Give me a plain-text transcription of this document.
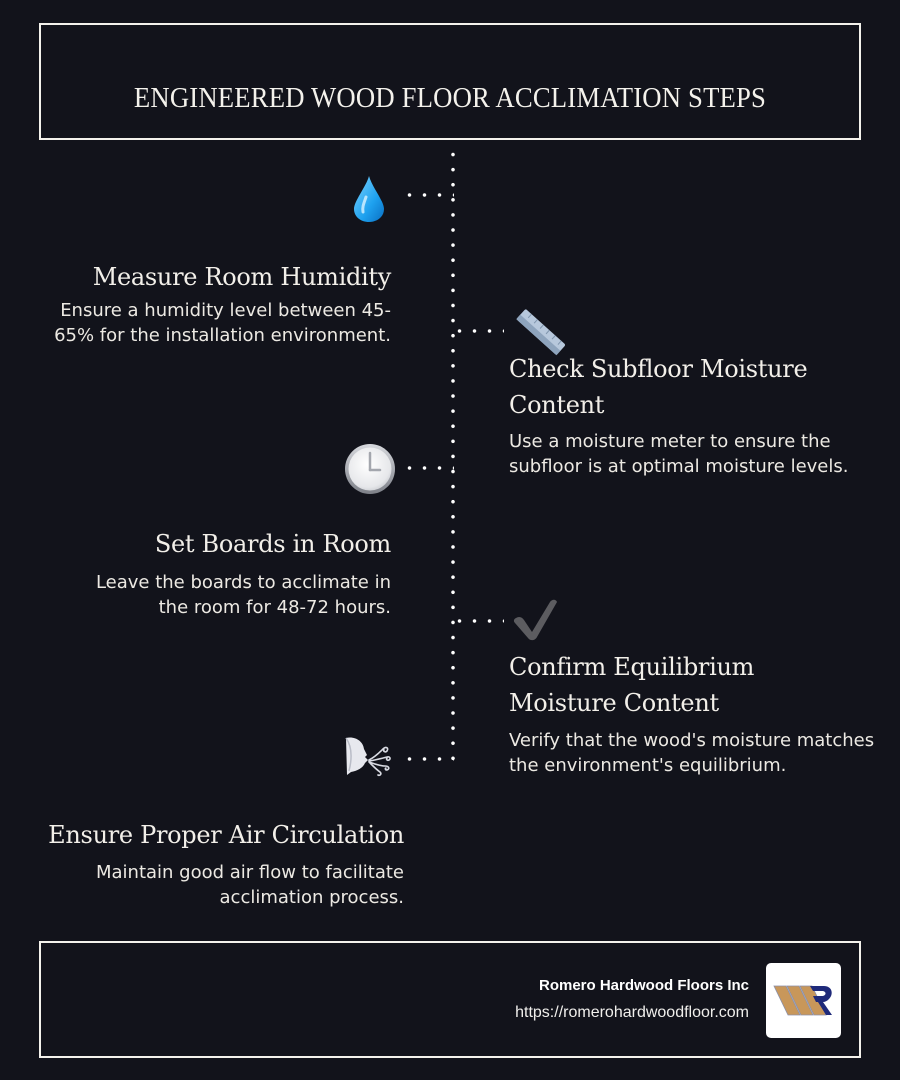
ENGINEERED WOOD FLOOR ACCLIMATION STEPS
Measure Room Humidity
Ensure a humidity level between 45-
65% for the installation environment.
Check Subfloor Moisture
Content
Use a moisture meter to ensure the
subfloor is at optimal moisture levels.
Set Boards in Room
Leave the boards to acclimate in
the room for 48-72 hours.
Confirm Equilibrium
Moisture Content
Verify that the wood's moisture matches
the environment's equilibrium.
Ensure Proper Air Circulation
Maintain good air flow to facilitate
acclimation process.
Romero Hardwood Floors Inc
https://romerohardwoodfloor.com
